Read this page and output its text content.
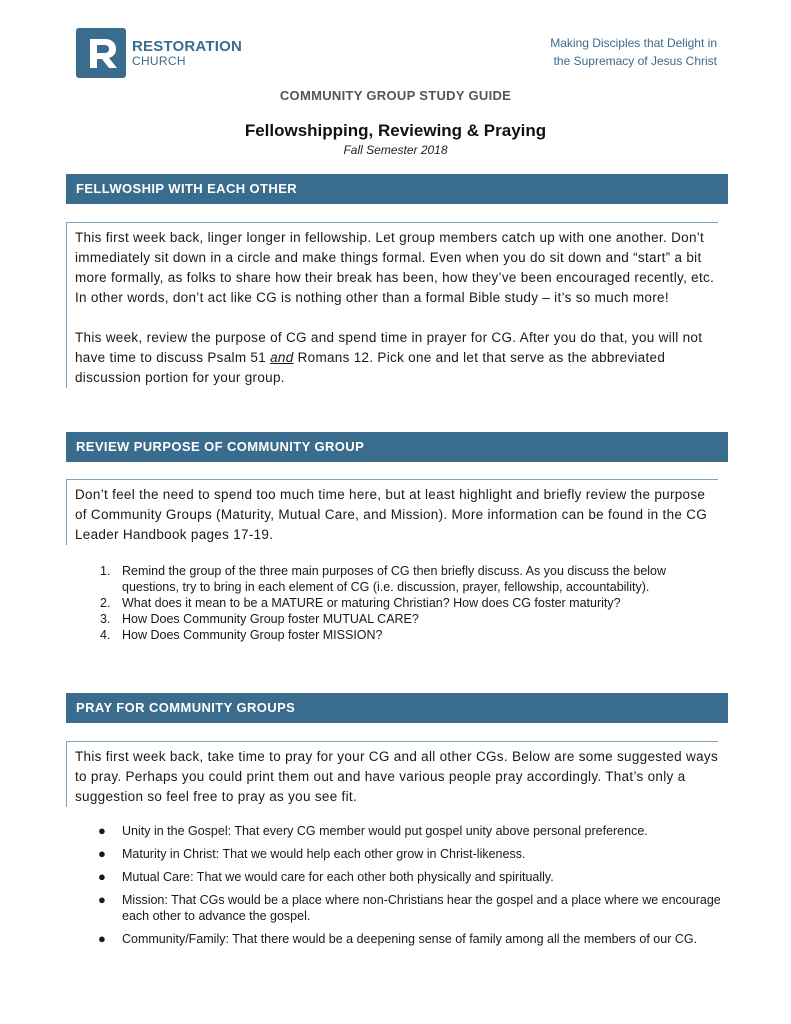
RESTORATION
CHURCH
Making Disciples that Delight in
the Supremacy of Jesus Christ
COMMUNITY GROUP STUDY GUIDE
Fellowshipping, Reviewing & Praying
Fall Semester 2018
FELLWOSHIP WITH EACH OTHER

This first week back, linger longer in fellowship. Let group members catch up with one another. Don’t immediately sit down in a circle and make things formal. Even when you do sit down and “start” a bit more formally, as folks to share how their break has been, how they’ve been encouraged recently, etc. In other words, don’t act like CG is nothing other than a formal Bible study – it’s so much more!

This week, review the purpose of CG and spend time in prayer for CG. After you do that, you will not have time to discuss Psalm 51 and Romans 12. Pick one and let that serve as the abbreviated discussion portion for your group.

REVIEW PURPOSE OF COMMUNITY GROUP

Don’t feel the need to spend too much time here, but at least highlight and briefly review the purpose of Community Groups (Maturity, Mutual Care, and Mission). More information can be found in the CG Leader Handbook pages 17-19.

1. Remind the group of the three main purposes of CG then briefly discuss. As you discuss the below questions, try to bring in each element of CG (i.e. discussion, prayer, fellowship, accountability).
2. What does it mean to be a MATURE or maturing Christian? How does CG foster maturity?
3. How Does Community Group foster MUTUAL CARE?
4. How Does Community Group foster MISSION?
PRAY FOR COMMUNITY GROUPS

This first week back, take time to pray for your CG and all other CGs. Below are some suggested ways to pray. Perhaps you could print them out and have various people pray accordingly. That’s only a suggestion so feel free to pray as you see fit.

● Unity in the Gospel: That every CG member would put gospel unity above personal preference.
● Maturity in Christ: That we would help each other grow in Christ-likeness.
● Mutual Care: That we would care for each other both physically and spiritually.
● Mission: That CGs would be a place where non-Christians hear the gospel and a place where we encourage each other to advance the gospel.
● Community/Family: That there would be a deepening sense of family among all the members of our CG.
